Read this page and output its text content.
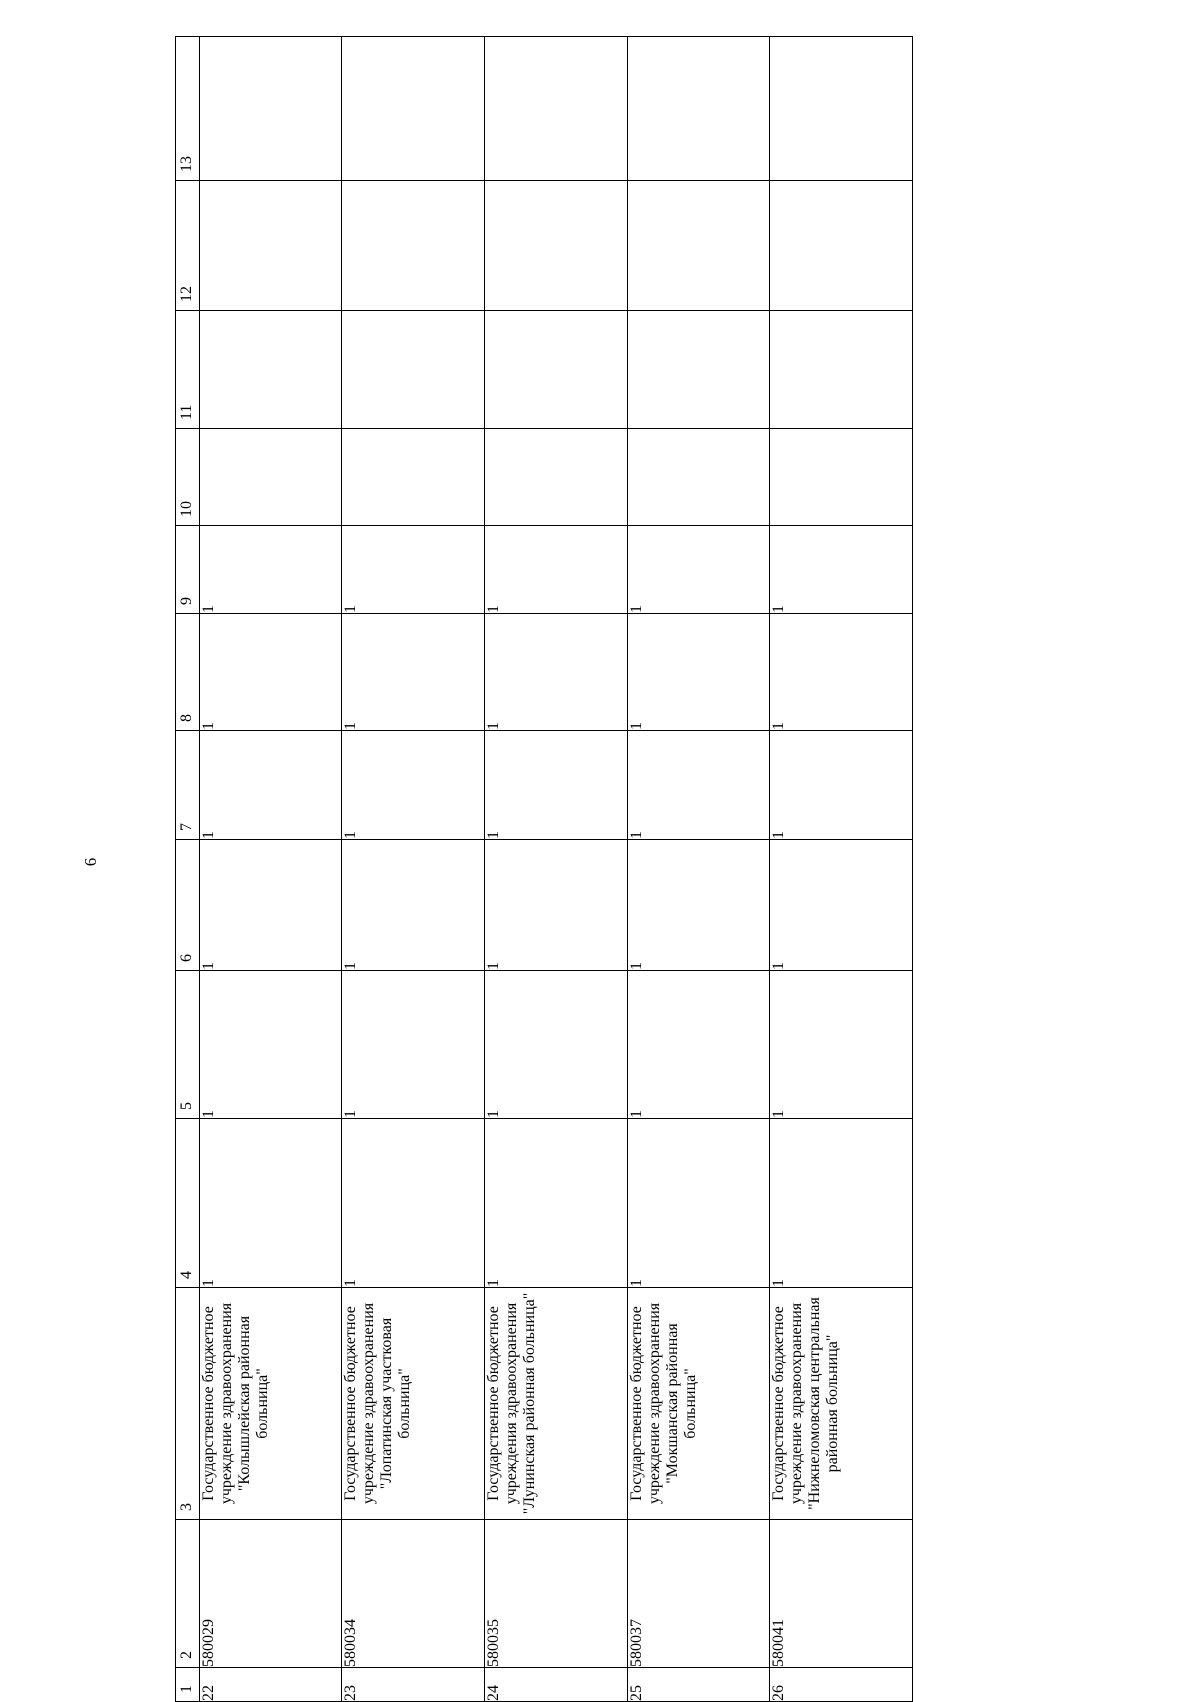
6
1	2	3	4	5	6	7	8	9	10	11	12	13
22	580029	Государственное бюджетное учреждение здравоохранения "Колышлейская районная больница"	1	1	1	1	1	1				
23	580034	Государственное бюджетное учреждение здравоохранения "Лопатинская участковая больница"	1	1	1	1	1	1				
24	580035	Государственное бюджетное учреждения здравоохранения "Лунинская районная больница"	1	1	1	1	1	1				
25	580037	Государственное бюджетное учреждение здравоохранения "Мокшанская районная больница"	1	1	1	1	1	1				
26	580041	Государственное бюджетное учреждение здравоохранения "Нижнеломовская центральная районная больница"	1	1	1	1	1	1				
